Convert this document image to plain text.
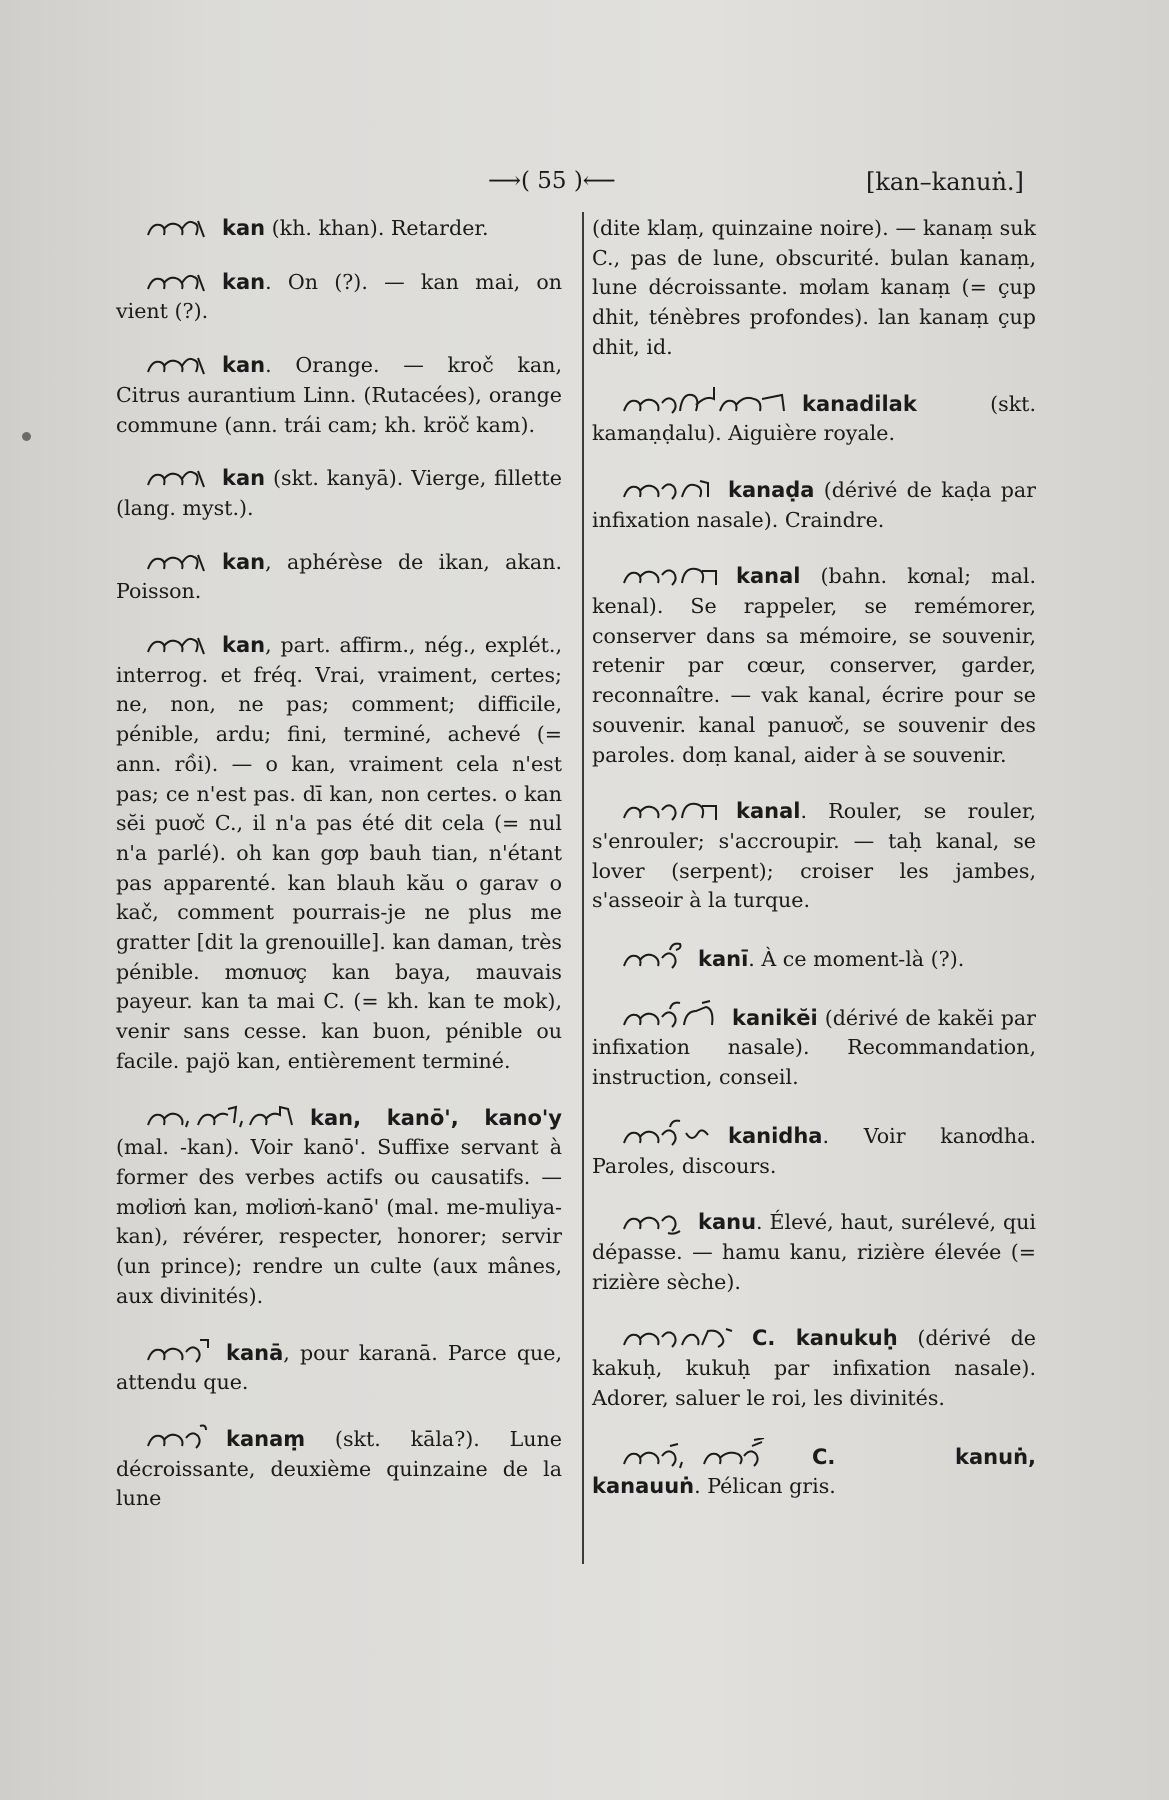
⟶( 55 )⟵	[kan–kanuṅ.]

kan (kh. khan). Retarder.

kan. On (?). — kan mai, on vient (?).

kan. Orange. — kroč kan, Citrus aurantium Linn. (Rutacées), orange commune (ann. trái cam; kh. kröč kam).

kan (skt. kanyā). Vierge, fillette (lang. myst.).

kan, aphérèse de ikan, akan. Poisson.

kan, part. affirm., nég., explét., interrog. et fréq. Vrai, vraiment, certes; ne, non, ne pas; comment; difficile, pénible, ardu; fini, terminé, achevé (= ann. rồi). — o kan, vraiment cela n'est pas; ce n'est pas. dī kan, non certes. o kan sĕi puơč C., il n'a pas été dit cela (= nul n'a parlé). oh kan gơp bauh tian, n'étant pas apparenté. kan blauh kău o garav o kač, comment pourrais-je ne plus me gratter [dit la grenouille]. kan daman, très pénible. mơnuơç kan baya, mauvais payeur. kan ta mai C. (= kh. kan te mok), venir sans cesse. kan buon, pénible ou facile. pajö kan, entièrement terminé.

kan, kanō', kano'y (mal. -kan). Voir kanō'. Suffixe servant à former des verbes actifs ou causatifs. — mơliơṅ kan, mơliơṅ-kanō' (mal. me-muliya-kan), révérer, respecter, honorer; servir (un prince); rendre un culte (aux mânes, aux divinités).

kanā, pour karanā. Parce que, attendu que.

kanaṃ (skt. kāla?). Lune décroissante, deuxième quinzaine de la lune

(dite klaṃ, quinzaine noire). — kanaṃ suk C., pas de lune, obscurité. bulan kanaṃ, lune décroissante. mơlam kanaṃ (= çup dhit, ténèbres profondes). lan kanaṃ çup dhit, id.

kanadilak (skt. kamaṇḍalu). Aiguière royale.

kanaḍa (dérivé de kaḍa par infixation nasale). Craindre.

kanal (bahn. kơnal; mal. kenal). Se rappeler, se remémorer, conserver dans sa mémoire, se souvenir, retenir par cœur, conserver, garder, reconnaître. — vak kanal, écrire pour se souvenir. kanal panuơč, se souvenir des paroles. doṃ kanal, aider à se souvenir.

kanal. Rouler, se rouler, s'enrouler; s'accroupir. — taḥ kanal, se lover (serpent); croiser les jambes, s'asseoir à la turque.

kanī. À ce moment-là (?).

kanikĕi (dérivé de kakĕi par infixation nasale). Recommandation, instruction, conseil.

kanidha. Voir kanơdha. Paroles, discours.

kanu. Élevé, haut, surélevé, qui dépasse. — hamu kanu, rizière élevée (= rizière sèche).

C. kanukuḥ (dérivé de kakuḥ, kukuḥ par infixation nasale). Adorer, saluer le roi, les divinités.

C. kanuṅ, kanauuṅ. Pélican gris.
